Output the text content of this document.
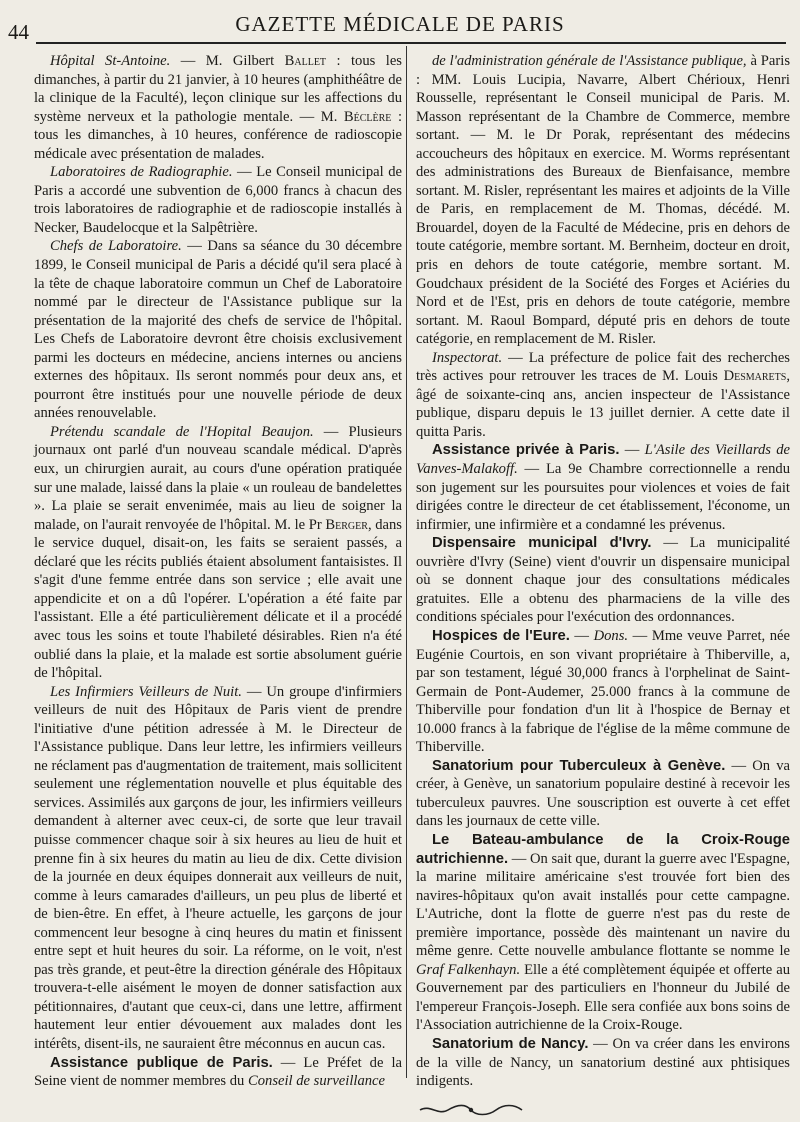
44	GAZETTE MÉDICALE DE PARIS

Hôpital St-Antoine. — M. Gilbert Ballet : tous les dimanches, à partir du 21 janvier, à 10 heures (amphithéâtre de la clinique de la Faculté), leçon clinique sur les affections du système nerveux et la pathologie mentale. — M. Béclère : tous les dimanches, à 10 heures, conférence de radioscopie médicale avec présentation de malades.

Laboratoires de Radiographie. — Le Conseil municipal de Paris a accordé une subvention de 6,000 francs à chacun des trois laboratoires de radiographie et de radioscopie installés à Necker, Baudelocque et la Salpêtrière.

Chefs de Laboratoire. — Dans sa séance du 30 décembre 1899, le Conseil municipal de Paris a décidé qu'il sera placé à la tête de chaque laboratoire commun un Chef de Laboratoire nommé par le directeur de l'Assistance publique sur la présentation de la majorité des chefs de service de l'hôpital. Les Chefs de Laboratoire devront être choisis exclusivement parmi les docteurs en médecine, anciens internes ou anciens externes des hôpitaux. Ils seront nommés pour deux ans, et pourront être institués pour une nouvelle période de deux années renouvelable.

Prétendu scandale de l'Hopital Beaujon. — Plusieurs journaux ont parlé d'un nouveau scandale médical. D'après eux, un chirurgien aurait, au cours d'une opération pratiquée sur une malade, laissé dans la plaie « un rouleau de bandelettes ». La plaie se serait envenimée, mais au lieu de soigner la malade, on l'aurait renvoyée de l'hôpital. M. le Pr Berger, dans le service duquel, disait-on, les faits se seraient passés, a déclaré que les récits publiés étaient absolument fantaisistes. Il s'agit d'une femme entrée dans son service ; elle avait une appendicite et on a dû l'opérer. L'opération a été faite par l'assistant. Elle a été particulièrement délicate et il a procédé avec tous les soins et toute l'habileté désirables. Rien n'a été oublié dans la plaie, et la malade est sortie absolument guérie de l'hôpital.

Les Infirmiers Veilleurs de Nuit. — Un groupe d'infirmiers veilleurs de nuit des Hôpitaux de Paris vient de prendre l'initiative d'une pétition adressée à M. le Directeur de l'Assistance publique. Dans leur lettre, les infirmiers veilleurs ne réclament pas d'augmentation de traitement, mais sollicitent seulement une réglementation nouvelle et plus équitable des services. Assimilés aux garçons de jour, les infirmiers veilleurs demandent à alterner avec ceux-ci, de sorte que leur travail puisse commencer chaque soir à six heures au lieu de huit et prenne fin à six heures du matin au lieu de dix. Cette division de la journée en deux équipes donnerait aux veilleurs de nuit, comme à leurs camarades d'ailleurs, un peu plus de liberté et de bien-être. En effet, à l'heure actuelle, les garçons de jour commencent leur besogne à cinq heures du matin et finissent entre sept et huit heures du soir. La réforme, on le voit, n'est pas très grande, et peut-être la direction générale des Hôpitaux trouvera-t-elle aisément le moyen de donner satisfaction aux pétitionnaires, d'autant que ceux-ci, dans une lettre, affirment hautement leur entier dévouement aux malades dont les intérêts, disent-ils, ne sauraient être méconnus en aucun cas.

Assistance publique de Paris. — Le Préfet de la Seine vient de nommer membres du Conseil de surveillance

de l'administration générale de l'Assistance publique, à Paris : MM. Louis Lucipia, Navarre, Albert Chérioux, Henri Rousselle, représentant le Conseil municipal de Paris. M. Masson représentant de la Chambre de Commerce, membre sortant. — M. le Dr Porak, représentant des médecins accoucheurs des hôpitaux en exercice. M. Worms représentant des administrations des Bureaux de Bienfaisance, membre sortant. M. Risler, représentant les maires et adjoints de la Ville de Paris, en remplacement de M. Thomas, décédé. M. Brouardel, doyen de la Faculté de Médecine, pris en dehors de toute catégorie, membre sortant. M. Bernheim, docteur en droit, pris en dehors de toute catégorie, membre sortant. M. Goudchaux président de la Société des Forges et Aciéries du Nord et de l'Est, pris en dehors de toute catégorie, membre sortant. M. Raoul Bompard, député pris en dehors de toute catégorie, en remplacement de M. Risler.

Inspectorat. — La préfecture de police fait des recherches très actives pour retrouver les traces de M. Louis Desmarets, âgé de soixante-cinq ans, ancien inspecteur de l'Assistance publique, disparu depuis le 13 juillet dernier. A cette date il quitta Paris.

Assistance privée à Paris. — L'Asile des Vieillards de Vanves-Malakoff. — La 9e Chambre correctionnelle a rendu son jugement sur les poursuites pour violences et voies de fait dirigées contre le directeur de cet établissement, l'économe, un infirmier, une infirmière et a condamné les prévenus.

Dispensaire municipal d'Ivry. — La municipalité ouvrière d'Ivry (Seine) vient d'ouvrir un dispensaire municipal où se donnent chaque jour des consultations médicales gratuites. Elle a obtenu des pharmaciens de la ville des conditions spéciales pour l'exécution des ordonnances.

Hospices de l'Eure. — Dons. — Mme veuve Parret, née Eugénie Courtois, en son vivant propriétaire à Thiberville, a, par son testament, légué 30,000 francs à l'orphelinat de Saint-Germain de Pont-Audemer, 25.000 francs à la commune de Thiberville pour fondation d'un lit à l'hospice de Bernay et 10.000 francs à la fabrique de l'église de la même commune de Thiberville.

Sanatorium pour Tuberculeux à Genève. — On va créer, à Genève, un sanatorium populaire destiné à recevoir les tuberculeux pauvres. Une souscription est ouverte à cet effet dans les journaux de cette ville.

Le Bateau-ambulance de la Croix-Rouge autrichienne. — On sait que, durant la guerre avec l'Espagne, la marine militaire américaine s'est trouvée fort bien des navires-hôpitaux qu'on avait installés pour cette campagne. L'Autriche, dont la flotte de guerre n'est pas du reste de première importance, possède dès maintenant un navire du même genre. Cette nouvelle ambulance flottante se nomme le Graf Falkenhayn. Elle a été complètement équipée et offerte au Gouvernement par des particuliers en l'honneur du Jubilé de l'empereur François-Joseph. Elle sera confiée aux bons soins de l'Association autrichienne de la Croix-Rouge.

Sanatorium de Nancy. — On va créer dans les environs de la ville de Nancy, un sanatorium destiné aux phtisiques indigents.
